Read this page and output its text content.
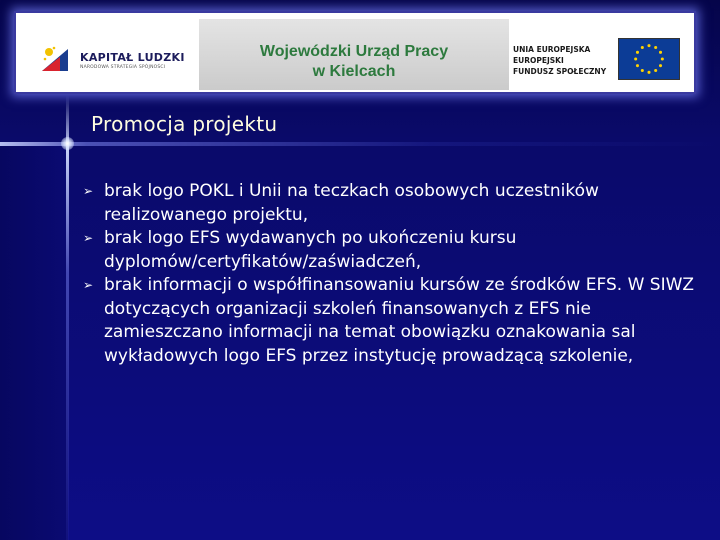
KAPITAŁ LUDZKI
NARODOWA STRATEGIA SPÓJNOŚCI
Wojewódzki Urząd Pracy
w Kielcach
UNIA EUROPEJSKA
EUROPEJSKI
FUNDUSZ SPOŁECZNY
Promocja projektu
➢ brak logo POKL i Unii na teczkach osobowych uczestników realizowanego projektu,
➢ brak logo EFS wydawanych po ukończeniu kursu dyplomów/certyfikatów/zaświadczeń,
➢ brak informacji o współfinansowaniu kursów ze środków EFS. W SIWZ dotyczących organizacji szkoleń finansowanych z EFS nie zamieszczano informacji na temat obowiązku oznakowania sal wykładowych logo EFS przez instytucję prowadzącą szkolenie,
